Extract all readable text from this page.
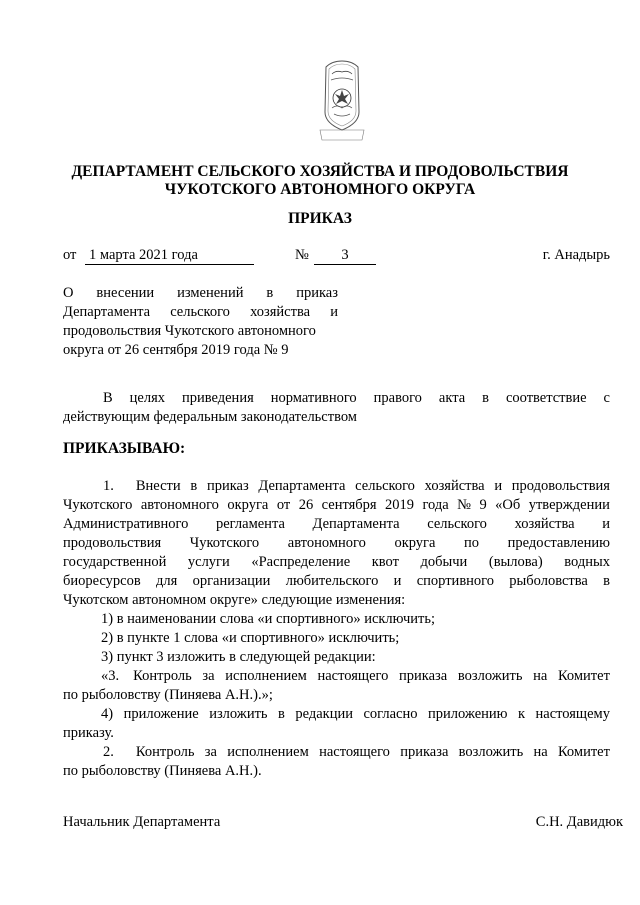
ДЕПАРТАМЕНТ СЕЛЬСКОГО ХОЗЯЙСТВА И ПРОДОВОЛЬСТВИЯ
ЧУКОТСКОГО АВТОНОМНОГО ОКРУГА
ПРИКАЗ
от 1 марта 2021 года	№	3	г. Анадырь
О внесении изменений в приказ
Департамента сельского хозяйства и
продовольствия Чукотского автономного
округа от 26 сентября 2019 года № 9
В целях приведения нормативного правого акта в соответствие с
действующим федеральным законодательством
ПРИКАЗЫВАЮ:
1. Внести в приказ Департамента сельского хозяйства и продовольствия
Чукотского автономного округа от 26 сентября 2019 года № 9 «Об утверждении
Административного регламента Департамента сельского хозяйства и
продовольствия Чукотского автономного округа по предоставлению
государственной услуги «Распределение квот добычи (вылова) водных
биоресурсов для организации любительского и спортивного рыболовства в
Чукотском автономном округе» следующие изменения:
1) в наименовании слова «и спортивного» исключить;
2) в пункте 1 слова «и спортивного» исключить;
3) пункт 3 изложить в следующей редакции:
«3. Контроль за исполнением настоящего приказа возложить на Комитет
по рыболовству (Пиняева А.Н.).»;
4) приложение изложить в редакции согласно приложению к настоящему
приказу.
2. Контроль за исполнением настоящего приказа возложить на Комитет
по рыболовству (Пиняева А.Н.).
Начальник Департамента	С.Н. Давидюк
